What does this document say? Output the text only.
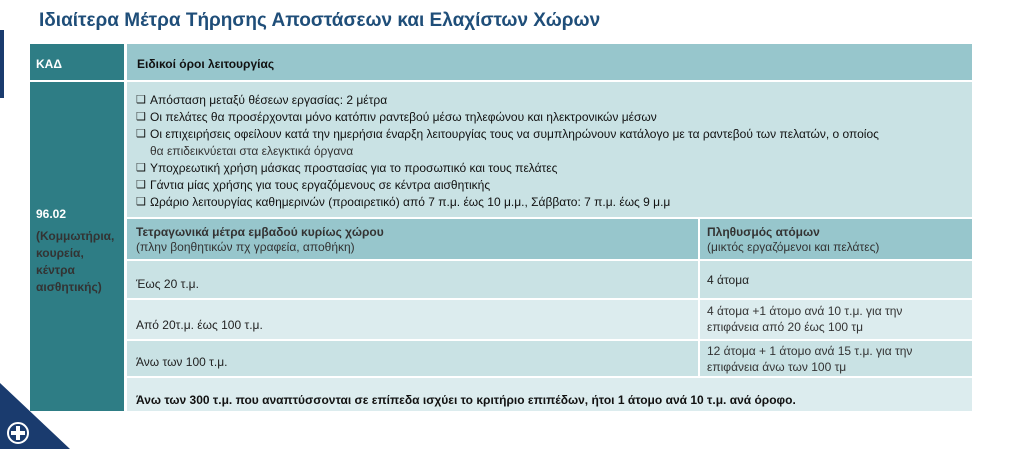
Ιδιαίτερα Μέτρα Τήρησης Αποστάσεων και Ελαχίστων Χώρων
ΚΑΔ
96.02
(Κομμωτήρια,
κουρεία,
κέντρα
αισθητικής)
Ειδικοί όροι λειτουργίας
❑ Απόσταση μεταξύ θέσεων εργασίας: 2 μέτρα
❑ Οι πελάτες θα προσέρχονται μόνο κατόπιν ραντεβού μέσω τηλεφώνου και ηλεκτρονικών μέσων
❑ Οι επιχειρήσεις οφείλουν κατά την ημερήσια έναρξη λειτουργίας τους να συμπληρώνουν κατάλογο με τα ραντεβού των πελατών, ο οποίος
θα επιδεικνύεται στα ελεγκτικά όργανα
❑ Υποχρεωτική χρήση μάσκας προστασίας για το προσωπικό και τους πελάτες
❑ Γάντια μίας χρήσης για τους εργαζόμενους σε κέντρα αισθητικής
❑ Ωράριο λειτουργίας καθημερινών (προαιρετικό) από 7 π.μ. έως 10 μ.μ., Σάββατο: 7 π.μ. έως 9 μ.μ
Τετραγωνικά μέτρα εμβαδού κυρίως χώρου
(πλην βοηθητικών πχ γραφεία, αποθήκη)
Πληθυσμός ατόμων
(μικτός εργαζόμενοι και πελάτες)
Έως 20 τ.μ.	4 άτομα
Από 20τ.μ. έως 100 τ.μ.
4 άτομα +1 άτομο ανά 10 τ.μ. για την
επιφάνεια από 20 έως 100 τμ
Άνω των 100 τ.μ.
12 άτομα + 1 άτομο ανά 15 τ.μ. για την
επιφάνεια άνω των 100 τμ
Άνω των 300 τ.μ. που αναπτύσσονται σε επίπεδα ισχύει το κριτήριο επιπέδων, ήτοι 1 άτομο ανά 10 τ.μ. ανά όροφο.
